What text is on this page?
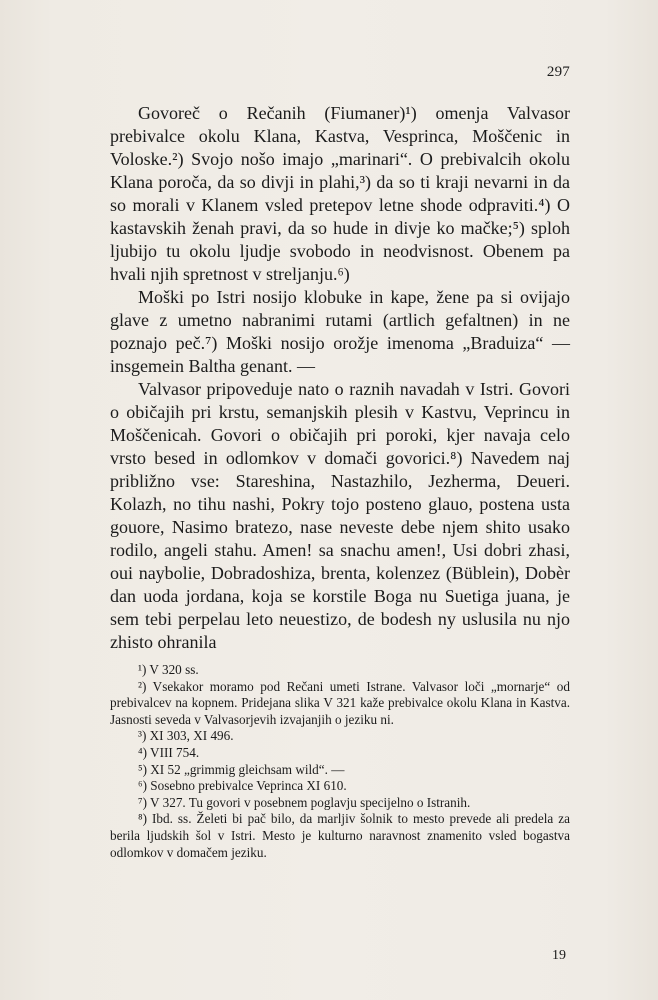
297

Govoreč o Rečanih (Fiumaner)¹) omenja Valvasor prebivalce okolu Klana, Kastva, Vesprinca, Moščenic in Voloske.²) Svojo nošo imajo „marinari“. O prebivalcih okolu Klana poroča, da so divji in plahi,³) da so ti kraji nevarni in da so morali v Klanem vsled pretepov letne shode odpraviti.⁴) O kastavskih ženah pravi, da so hude in divje ko mačke;⁵) sploh ljubijo tu okolu ljudje svobodo in neodvisnost. Obenem pa hvali njih spretnost v streljanju.⁶)

Moški po Istri nosijo klobuke in kape, žene pa si ovijajo glave z umetno nabranimi rutami (artlich gefaltnen) in ne poznajo peč.⁷) Moški nosijo orožje imenoma „Braduiza“ — insgemein Baltha genant. —

Valvasor pripoveduje nato o raznih navadah v Istri. Govori o običajih pri krstu, semanjskih plesih v Kastvu, Veprincu in Moščenicah. Govori o običajih pri poroki, kjer navaja celo vrsto besed in odlomkov v domači govorici.⁸) Navedem naj približno vse: Stareshina, Nastazhilo, Jezherma, Deueri. Kolazh, no tihu nashi, Pokry tojo posteno glauo, postena usta gouore, Nasimo bratezo, nase neveste debe njem shito usako rodilo, angeli stahu. Amen! sa snachu amen!, Usi dobri zhasi, oui naybolie, Dobradoshiza, brenta, kolenzez (Büblein), Dobèr dan uoda jordana, koja se korstile Boga nu Suetiga juana, je sem tebi perpelau leto neuestizo, de bodesh ny uslusila nu njo zhisto ohranila

¹) V 320 ss.

²) Vsekakor moramo pod Rečani umeti Istrane. Valvasor loči „mornarje“ od prebivalcev na kopnem. Pridejana slika V 321 kaže prebivalce okolu Klana in Kastva. Jasnosti seveda v Valvasorjevih izvajanjih o jeziku ni.

³) XI 303, XI 496.

⁴) VIII 754.

⁵) XI 52 „grimmig gleichsam wild“. —

⁶) Sosebno prebivalce Veprinca XI 610.

⁷) V 327. Tu govori v posebnem poglavju specijelno o Istranih.

⁸) Ibd. ss. Želeti bi pač bilo, da marljiv šolnik to mesto prevede ali predela za berila ljudskih šol v Istri. Mesto je kulturno naravnost znamenito vsled bogastva odlomkov v domačem jeziku.

19
